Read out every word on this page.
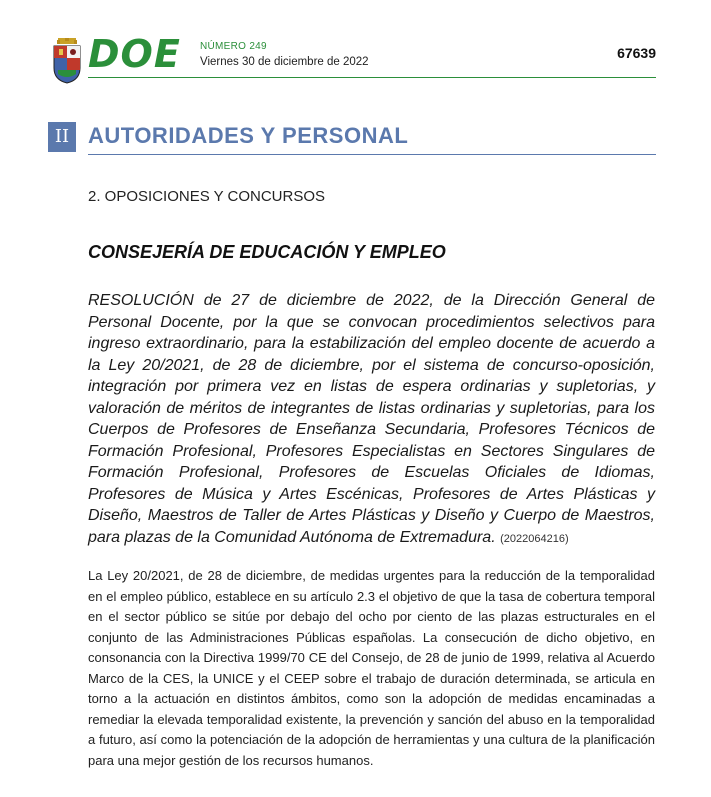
DOE NÚMERO 249
Viernes 30 de diciembre de 2022
67639
II AUTORIDADES Y PERSONAL
2. OPOSICIONES Y CONCURSOS
CONSEJERÍA DE EDUCACIÓN Y EMPLEO
RESOLUCIÓN de 27 de diciembre de 2022, de la Dirección General de Personal Docente, por la que se convocan procedimientos selectivos para ingreso extraordinario, para la estabilización del empleo docente de acuerdo a la Ley 20/2021, de 28 de diciembre, por el sistema de concurso-oposición, integración por primera vez en listas de espera ordinarias y supletorias, y valoración de méritos de integrantes de listas ordinarias y supletorias, para los Cuerpos de Profesores de Enseñanza Secundaria, Profesores Técnicos de Formación Profesional, Profesores Especialistas en Sectores Singulares de Formación Profesional, Profesores de Escuelas Oficiales de Idiomas, Profesores de Música y Artes Escénicas, Profesores de Artes Plásticas y Diseño, Maestros de Taller de Artes Plásticas y Diseño y Cuerpo de Maestros, para plazas de la Comunidad Autónoma de Extremadura. (2022064216)
La Ley 20/2021, de 28 de diciembre, de medidas urgentes para la reducción de la temporalidad en el empleo público, establece en su artículo 2.3 el objetivo de que la tasa de cobertura temporal en el sector público se sitúe por debajo del ocho por ciento de las plazas estructurales en el conjunto de las Administraciones Públicas españolas. La consecución de dicho objetivo, en consonancia con la Directiva 1999/70 CE del Consejo, de 28 de junio de 1999, relativa al Acuerdo Marco de la CES, la UNICE y el CEEP sobre el trabajo de duración determinada, se articula en torno a la actuación en distintos ámbitos, como son la adopción de medidas encaminadas a remediar la elevada temporalidad existente, la prevención y sanción del abuso en la temporalidad a futuro, así como la potenciación de la adopción de herramientas y una cultura de la planificación para una mejor gestión de los recursos humanos.
